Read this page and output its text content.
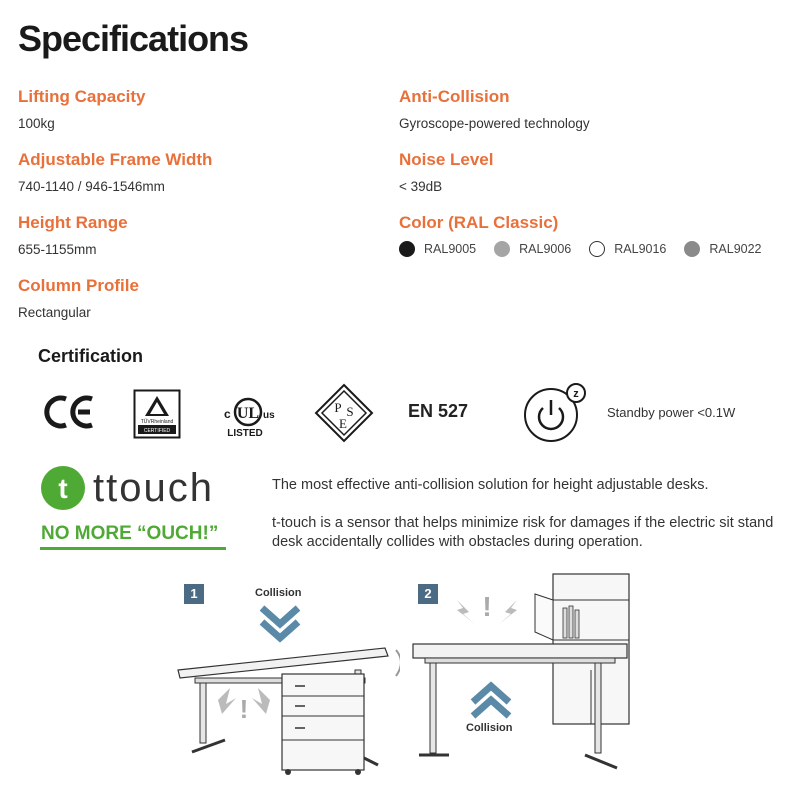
Specifications
Lifting Capacity
100kg
Adjustable Frame Width
740-1140 / 946-1546mm
Height Range
655-1155mm
Column Profile
Rectangular
Anti-Collision
Gyroscope-powered technology
Noise Level
< 39dB
Color (RAL Classic)
RAL9005	RAL9006	RAL9016	RAL9022
Certification
TÜVRheinland
CERTIFIED
c UL us
LISTED
P S
E
EN 527
z
Standby power <0.1W
t ttouch
NO MORE “OUCH!”
The most effective anti-collision solution for height adjustable desks.
t-touch is a sensor that helps minimize risk for damages if the electric sit stand desk accidentally collides with obstacles during operation.
1	2
Collision
Collision
!
!
